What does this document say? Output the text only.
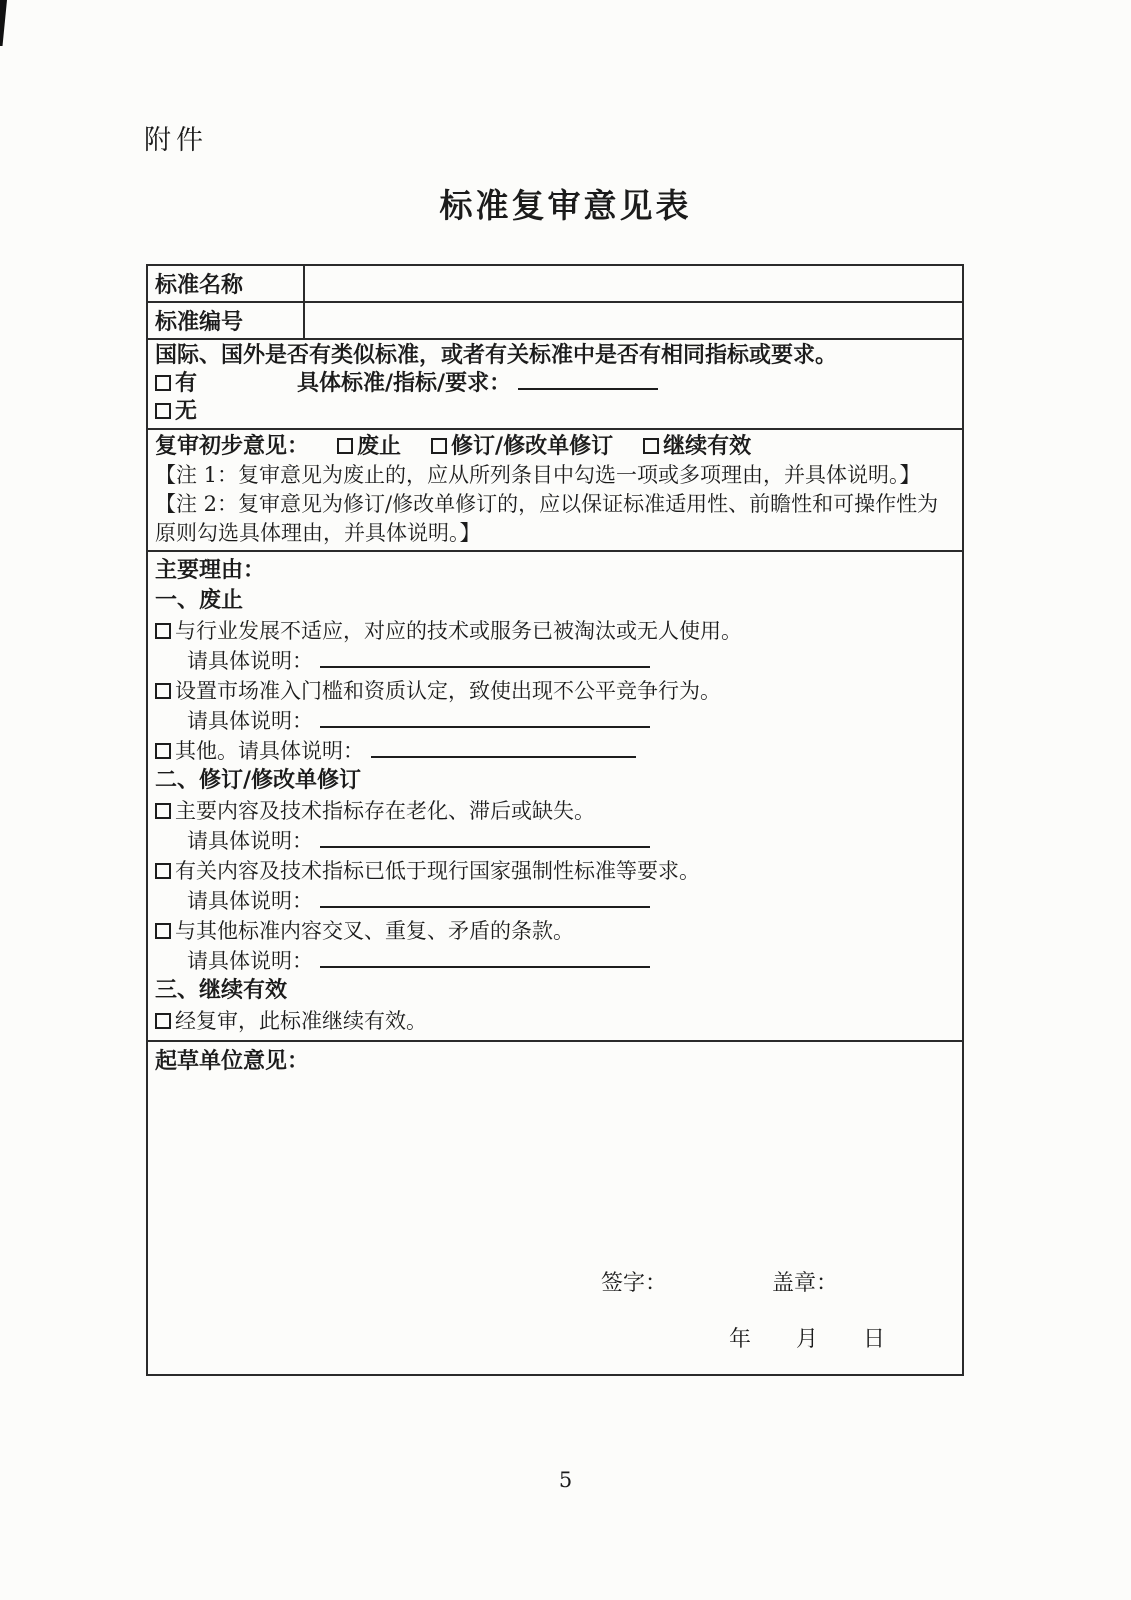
附件
标准复审意见表
标准名称	
标准编号	

国际、国外是否有类似标准，或者有关标准中是否有相同指标或要求。
有 具体标准/指标/要求：
无	

复审初步意见： 废止 修订/修改单修订 继续有效
【注 1：复审意见为废止的，应从所列条目中勾选一项或多项理由，并具体说明。】
【注 2：复审意见为修订/修改单修订的，应以保证标准适用性、前瞻性和可操作性为原则勾选具体理由，并具体说明。】	

主要理由：
一、废止
与行业发展不适应，对应的技术或服务已被淘汰或无人使用。
请具体说明：
设置市场准入门槛和资质认定，致使出现不公平竞争行为。
请具体说明：
其他。请具体说明：
二、修订/修改单修订
主要内容及技术指标存在老化、滞后或缺失。
请具体说明：
有关内容及技术指标已低于现行国家强制性标准等要求。
请具体说明：
与其他标准内容交叉、重复、矛盾的条款。
请具体说明：
三、继续有效
经复审，此标准继续有效。

起草单位意见：
签字：	盖章：
年 月 日
5
